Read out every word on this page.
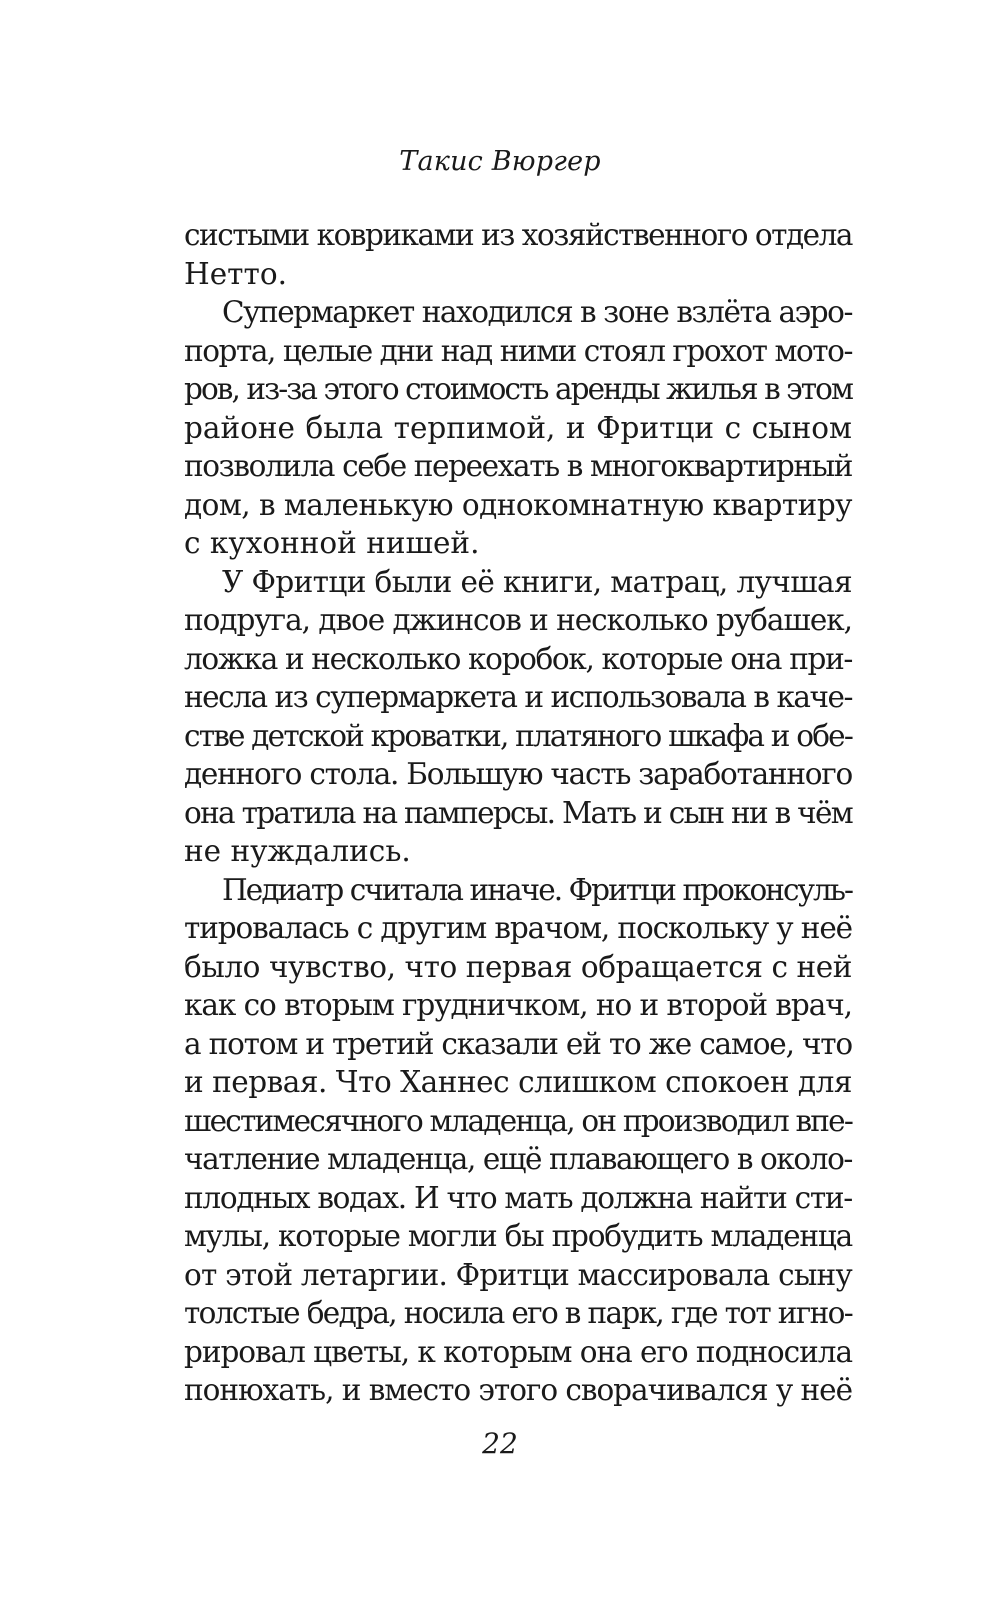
Такис Вюргер
систыми ковриками из хозяйственного отдела
Нетто.
Супермаркет находился в зоне взлёта аэро-
порта, целые дни над ними стоял грохот мото-
ров, из-за этого стоимость аренды жилья в этом
районе была терпимой, и Фритци с сыном
позволила себе переехать в многоквартирный
дом, в маленькую однокомнатную квартиру
с кухонной нишей.
У Фритци были её книги, матрац, лучшая
подруга, двое джинсов и несколько рубашек,
ложка и несколько коробок, которые она при-
несла из супермаркета и использовала в каче-
стве детской кроватки, платяного шкафа и обе-
денного стола. Большую часть заработанного
она тратила на памперсы. Мать и сын ни в чём
не нуждались.
Педиатр считала иначе. Фритци проконсуль-
тировалась с другим врачом, поскольку у неё
было чувство, что первая обращается с ней
как со вторым грудничком, но и второй врач,
а потом и третий сказали ей то же самое, что
и первая. Что Ханнес слишком спокоен для
шестимесячного младенца, он производил впе-
чатление младенца, ещё плавающего в около-
плодных водах. И что мать должна найти сти-
мулы, которые могли бы пробудить младенца
от этой летаргии. Фритци массировала сыну
толстые бедра, носила его в парк, где тот игно-
рировал цветы, к которым она его подносила
понюхать, и вместо этого сворачивался у неё
22
